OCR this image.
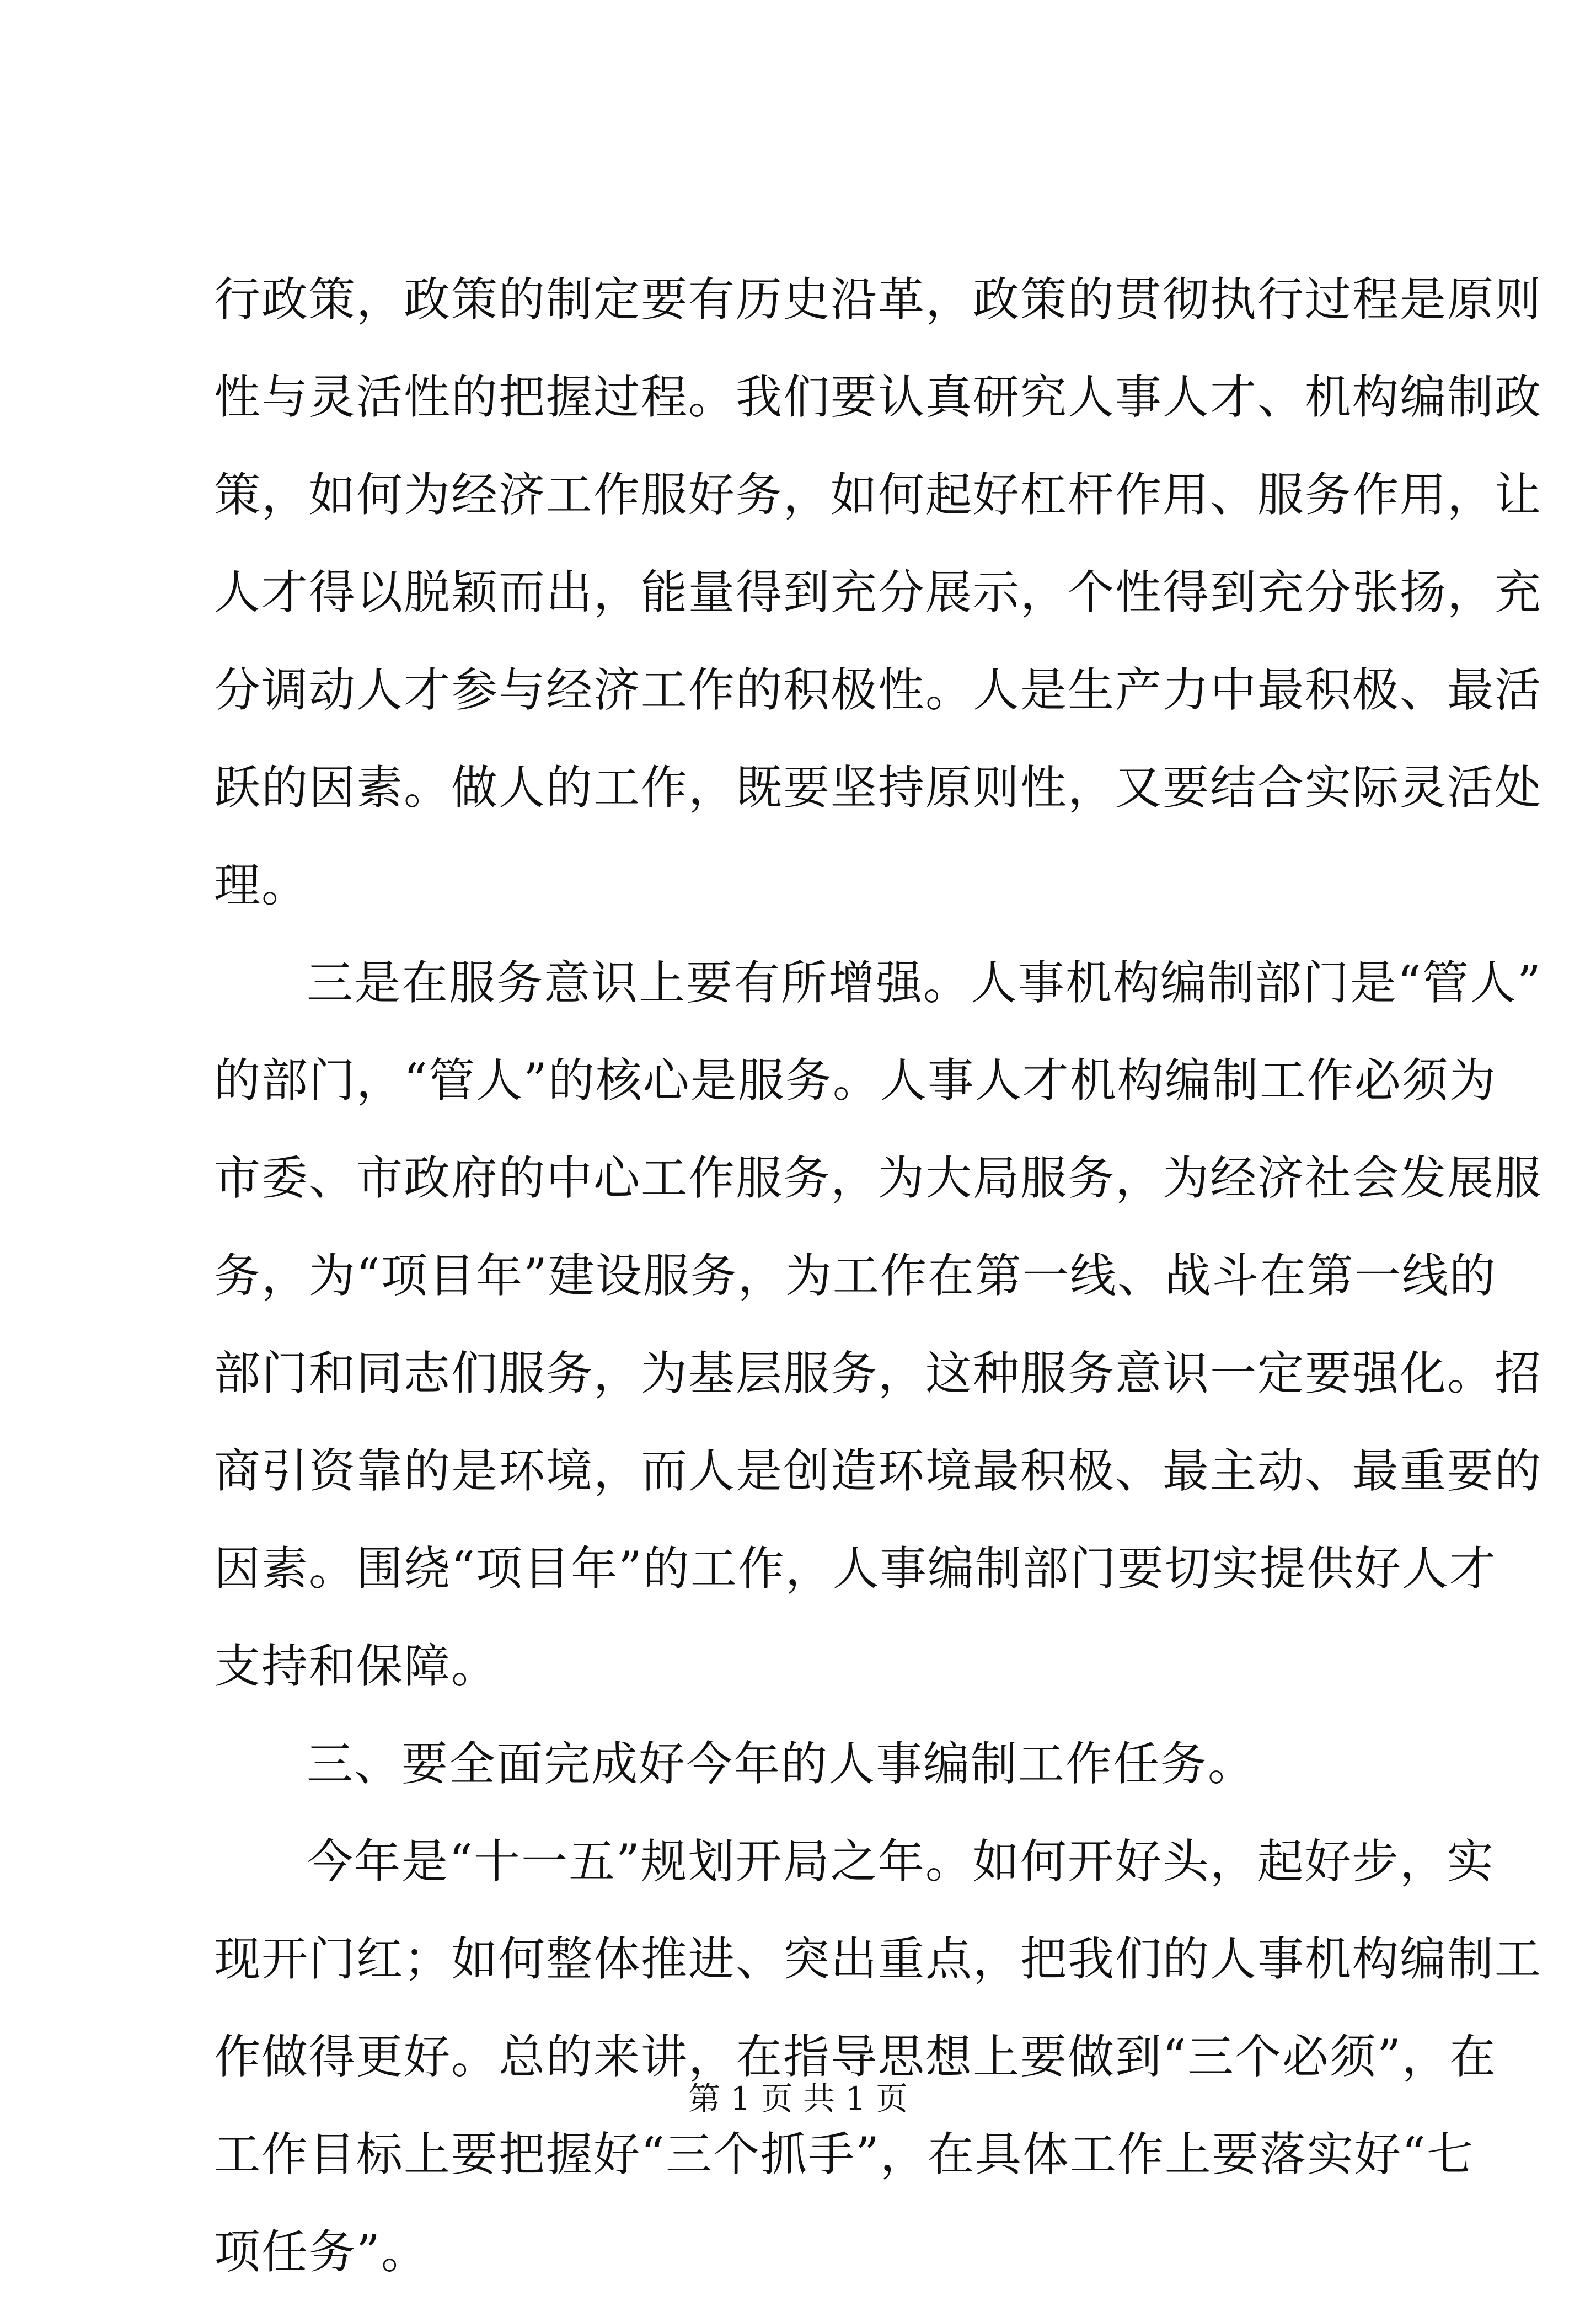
行政策，政策的制定要有历史沿革，政策的贯彻执行过程是原则
性与灵活性的把握过程。我们要认真研究人事人才、机构编制政
策，如何为经济工作服好务，如何起好杠杆作用、服务作用，让
人才得以脱颖而出，能量得到充分展示，个性得到充分张扬，充
分调动人才参与经济工作的积极性。人是生产力中最积极、最活
跃的因素。做人的工作，既要坚持原则性，又要结合实际灵活处
理。
三是在服务意识上要有所增强。人事机构编制部门是“管人”
的部门，“管人”的核心是服务。人事人才机构编制工作必须为
市委、市政府的中心工作服务，为大局服务，为经济社会发展服
务，为“项目年”建设服务，为工作在第一线、战斗在第一线的
部门和同志们服务，为基层服务，这种服务意识一定要强化。招
商引资靠的是环境，而人是创造环境最积极、最主动、最重要的
因素。围绕“项目年”的工作，人事编制部门要切实提供好人才
支持和保障。
三、要全面完成好今年的人事编制工作任务。
今年是“十一五”规划开局之年。如何开好头，起好步，实
现开门红；如何整体推进、突出重点，把我们的人事机构编制工
作做得更好。总的来讲，在指导思想上要做到“三个必须”，在
工作目标上要把握好“三个抓手”，在具体工作上要落实好“七
项任务”。
第 1 页 共 1 页
